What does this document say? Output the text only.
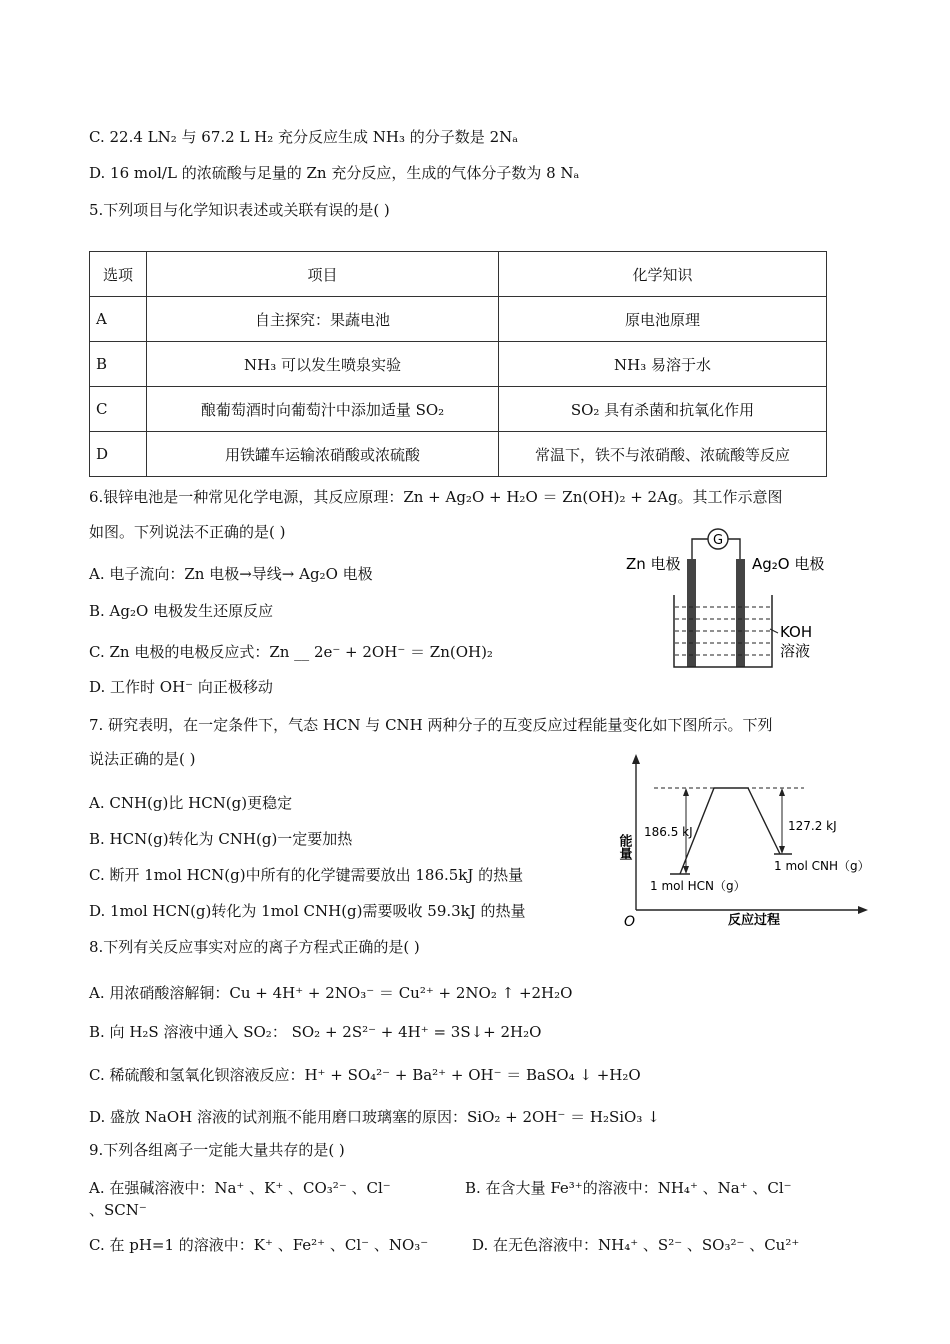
C. 22.4 LN₂ 与 67.2 L H₂ 充分反应生成 NH₃ 的分子数是 2Nₐ
D. 16 mol/L 的浓硫酸与足量的 Zn 充分反应，生成的气体分子数为 8 Nₐ
5.下列项目与化学知识表述或关联有误的是( )
选项	项目	化学知识
A	自主探究：果蔬电池	原电池原理
B	NH₃ 可以发生喷泉实验	NH₃ 易溶于水
C	酿葡萄酒时向葡萄汁中添加适量 SO₂	SO₂ 具有杀菌和抗氧化作用
D	用铁罐车运输浓硝酸或浓硫酸	常温下，铁不与浓硝酸、浓硫酸等反应
6.银锌电池是一种常见化学电源，其反应原理：Zn + Ag₂O + H₂O ＝ Zn(OH)₂ + 2Ag。其工作示意图
如图。下列说法不正确的是( )
A. 电子流向：Zn 电极→导线→ Ag₂O 电极
B. Ag₂O 电极发生还原反应
C. Zn 电极的电极反应式：Zn __ 2e⁻ + 2OH⁻ ＝ Zn(OH)₂
D. 工作时 OH⁻ 向正极移动
G
Zn 电极	Ag₂O 电极
KOH
溶液
7. 研究表明，在一定条件下，气态 HCN 与 CNH 两种分子的互变反应过程能量变化如下图所示。下列
说法正确的是( )
A. CNH(g)比 HCN(g)更稳定
B. HCN(g)转化为 CNH(g)一定要加热
C. 断开 1mol HCN(g)中所有的化学键需要放出 186.5kJ 的热量
D. 1mol HCN(g)转化为 1mol CNH(g)需要吸收 59.3kJ 的热量
O	反应过程
能量
186.5 kJ	127.2 kJ
1 mol HCN（g）
1 mol CNH（g）
8.下列有关反应事实对应的离子方程式正确的是( )
A. 用浓硝酸溶解铜：Cu + 4H⁺ + 2NO₃⁻ ＝ Cu²⁺ + 2NO₂ ↑ +2H₂O
B. 向 H₂S 溶液中通入 SO₂： SO₂ + 2S²⁻ + 4H⁺ = 3S↓+ 2H₂O
C. 稀硫酸和氢氧化钡溶液反应：H⁺ + SO₄²⁻ + Ba²⁺ + OH⁻ ＝ BaSO₄ ↓ +H₂O
D. 盛放 NaOH 溶液的试剂瓶不能用磨口玻璃塞的原因：SiO₂ + 2OH⁻ ＝ H₂SiO₃ ↓
9.下列各组离子一定能大量共存的是( )
A. 在强碱溶液中：Na⁺ 、K⁺ 、CO₃²⁻ 、Cl⁻	B. 在含大量 Fe³⁺的溶液中：NH₄⁺ 、Na⁺ 、Cl⁻
、SCN⁻
C. 在 pH=1 的溶液中：K⁺ 、Fe²⁺ 、Cl⁻ 、NO₃⁻	D. 在无色溶液中：NH₄⁺ 、S²⁻ 、SO₃²⁻ 、Cu²⁺
